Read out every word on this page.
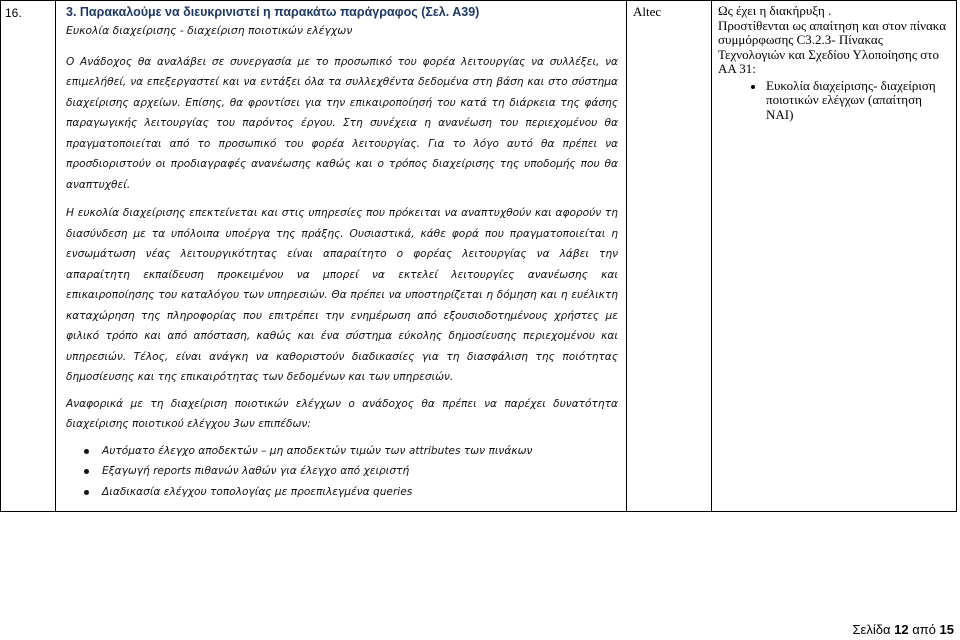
16.	3. Παρακαλούμε να διευκρινιστεί η παρακάτω παράγραφος (Σελ. Α39)
Ευκολία διαχείρισης - διαχείριση ποιοτικών ελέγχων

Ο Ανάδοχος θα αναλάβει σε συνεργασία με το προσωπικό του φορέα λειτουργίας να συλλέξει, να επιμελήθεί, να επεξεργαστεί και να εντάξει όλα τα συλλεχθέντα δεδομένα στη βάση και στο σύστημα διαχείρισης αρχείων. Επίσης, θα φροντίσει για την επικαιροποίησή του κατά τη διάρκεια της φάσης παραγωγικής λειτουργίας του παρόντος έργου. Στη συνέχεια η ανανέωση του περιεχομένου θα πραγματοποιείται από το προσωπικό του φορέα λειτουργίας. Για το λόγο αυτό θα πρέπει να προσδιοριστούν οι προδιαγραφές ανανέωσης καθώς και ο τρόπος διαχείρισης της υποδομής που θα αναπτυχθεί.

Η ευκολία διαχείρισης επεκτείνεται και στις υπηρεσίες που πρόκειται να αναπτυχθούν και αφορούν τη διασύνδεση με τα υπόλοιπα υποέργα της πράξης. Ουσιαστικά, κάθε φορά που πραγματοποιείται η ενσωμάτωση νέας λειτουργικότητας είναι απαραίτητο ο φορέας λειτουργίας να λάβει την απαραίτητη εκπαίδευση προκειμένου να μπορεί να εκτελεί λειτουργίες ανανέωσης και επικαιροποίησης του καταλόγου των υπηρεσιών. Θα πρέπει να υποστηρίζεται η δόμηση και η ευέλικτη καταχώρηση της πληροφορίας που επιτρέπει την ενημέρωση από εξουσιοδοτημένους χρήστες με φιλικό τρόπο και από απόσταση, καθώς και ένα σύστημα εύκολης δημοσίευσης περιεχομένου και υπηρεσιών. Τέλος, είναι ανάγκη να καθοριστούν διαδικασίες για τη διασφάλιση της ποιότητας δημοσίευσης και της επικαιρότητας των δεδομένων και των υπηρεσιών.

Αναφορικά με τη διαχείριση ποιοτικών ελέγχων ο ανάδοχος θα πρέπει να παρέχει δυνατότητα διαχείρισης ποιοτικού ελέγχου 3ων επιπέδων:

Αυτόματο έλεγχο αποδεκτών – μη αποδεκτών τιμών των attributes των πινάκων
Εξαγωγή reports πιθανών λαθών για έλεγχο από χειριστή
Διαδικασία ελέγχου τοπολογίας με προεπιλεγμένα queries
	Altec	Ως έχει η διακήρυξη .
Προστίθενται ως απαίτηση και στον πίνακα συμμόρφωσης C3.2.3- Πίνακας Τεχνολογιών και Σχεδίου Υλοποίησης στο ΑΑ 31:
Ευκολία διαχείρισης- διαχείριση ποιοτικών ελέγχων (απαίτηση ΝΑΙ)
Σελίδα 12 από 15
